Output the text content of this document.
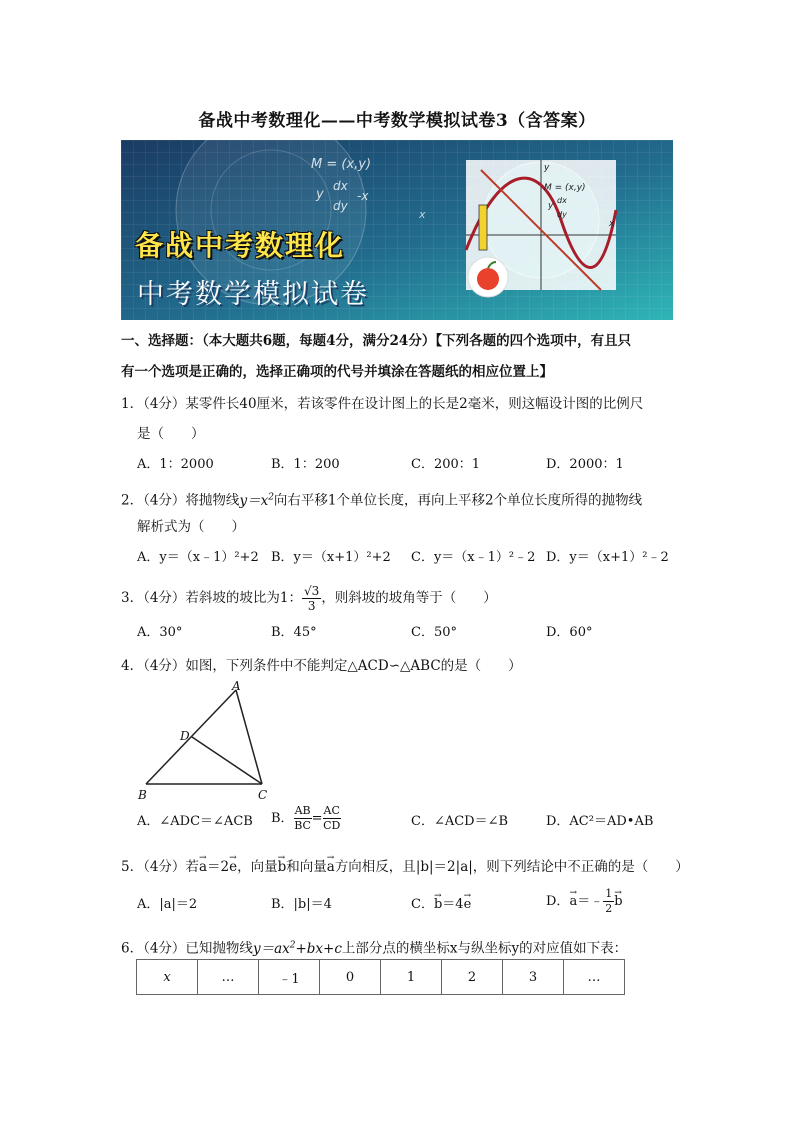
备战中考数理化——中考数学模拟试卷3（含答案）
M = (x,y)
y
dx
dy
-x
x
M = (x,y)
y
dx
dy
x
y
备战中考数理化
中考数学模拟试卷
一、选择题：（本大题共6题，每题4分，满分24分）【下列各题的四个选项中，有且只
有一个选项是正确的，选择正确项的代号并填涂在答题纸的相应位置上】
1．（4分）某零件长40厘米，若该零件在设计图上的长是2毫米，则这幅设计图的比例尺
是（　　）
A．1：2000	B．1：200	C．200：1	D．2000：1
2．（4分）将抛物线$y=x^2$向右平移1个单位长度，再向上平移2个单位长度所得的抛物线
解析式为（　　）
A．y＝（x﹣1）²+2 B．y＝（x+1）²+2 C．y＝（x﹣1）²﹣2 D．y＝（x+1）²﹣2
3．（4分）若斜坡的坡比为1： $\frac{√3}{3}$ ，则斜坡的坡角等于（　　）
A．30°	B．45°	C．50°	D．60°
4．（4分）如图，下列条件中不能判定△ACD∽△ABC的是（　　）
A
D
B	C
A．∠ADC＝∠ACB B． $\frac{AB}{BC} = \frac{AC}{CD}$	C．∠ACD＝∠B	D．AC²＝AD•AB
5．（4分）若→ a＝2→ e，向量→ b和向量→ a方向相反，且|b|＝2|a|，则下列结论中不正确的是（　　）
A．|a|＝2	B．|b|＝4	C．→ b＝4→ e	D．→ a＝﹣ $\frac{1}{2}$
→ b
6．（4分）已知抛物线$y=ax^2+bx+c$上部分点的横坐标x与纵坐标y的对应值如下表：
x	…	﹣1	0	1	2	3	…
